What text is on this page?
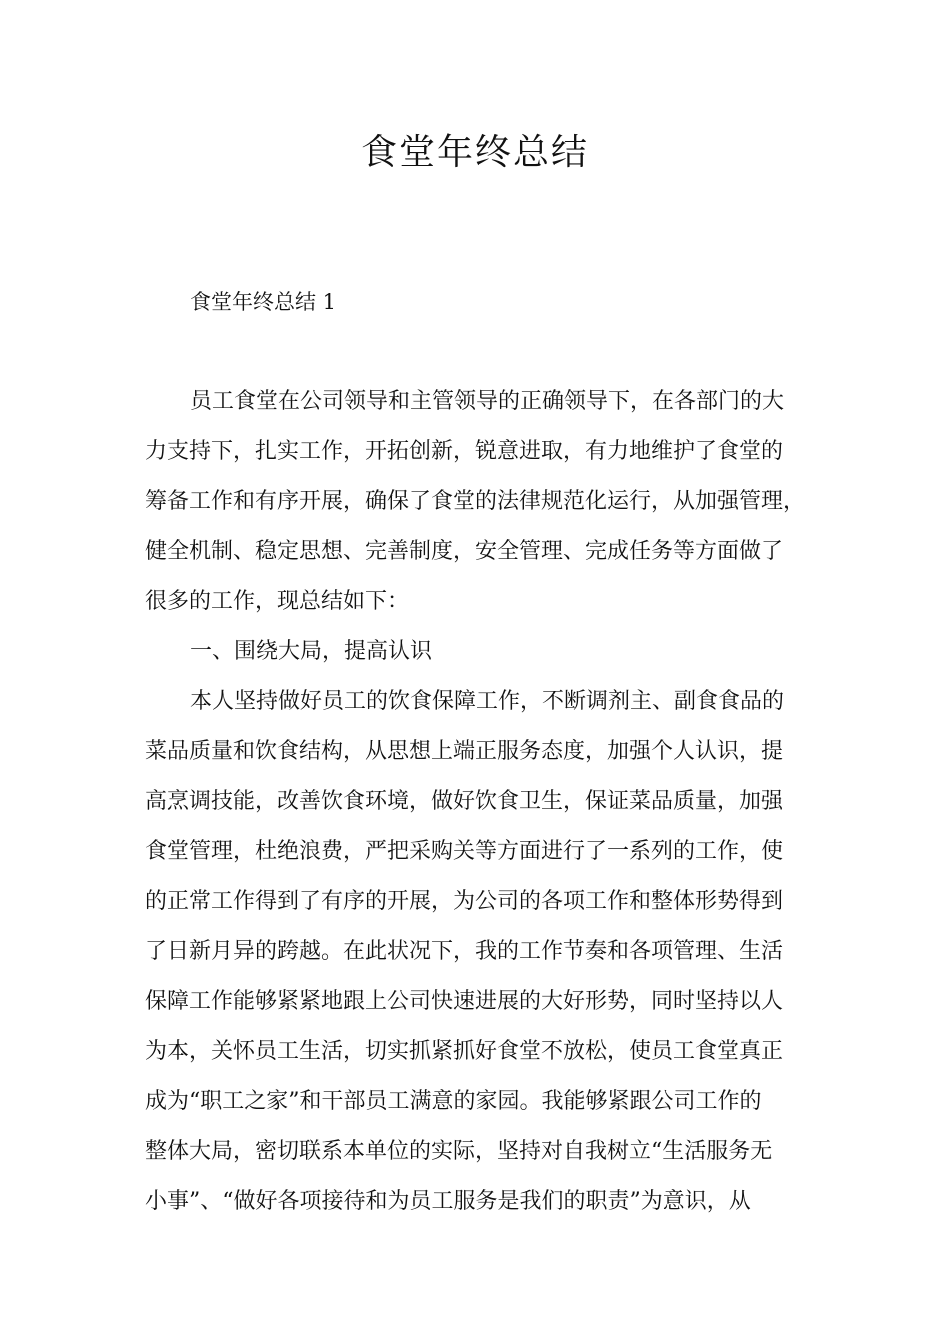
食堂年终总结

食堂年终总结 1

员工食堂在公司领导和主管领导的正确领导下，在各部门的大
力支持下，扎实工作，开拓创新，锐意进取，有力地维护了食堂的
筹备工作和有序开展，确保了食堂的法律规范化运行，从加强管理，
健全机制、稳定思想、完善制度，安全管理、完成任务等方面做了
很多的工作，现总结如下：
一、围绕大局，提高认识
本人坚持做好员工的饮食保障工作，不断调剂主、副食食品的
菜品质量和饮食结构，从思想上端正服务态度，加强个人认识，提
高烹调技能，改善饮食环境，做好饮食卫生，保证菜品质量，加强
食堂管理，杜绝浪费，严把采购关等方面进行了一系列的工作，使
的正常工作得到了有序的开展，为公司的各项工作和整体形势得到
了日新月异的跨越。在此状况下，我的工作节奏和各项管理、生活
保障工作能够紧紧地跟上公司快速进展的大好形势，同时坚持以人
为本，关怀员工生活，切实抓紧抓好食堂不放松，使员工食堂真正
成为“职工之家”和干部员工满意的家园。我能够紧跟公司工作的
整体大局，密切联系本单位的实际，坚持对自我树立“生活服务无
小事”、“做好各项接待和为员工服务是我们的职责”为意识，从
